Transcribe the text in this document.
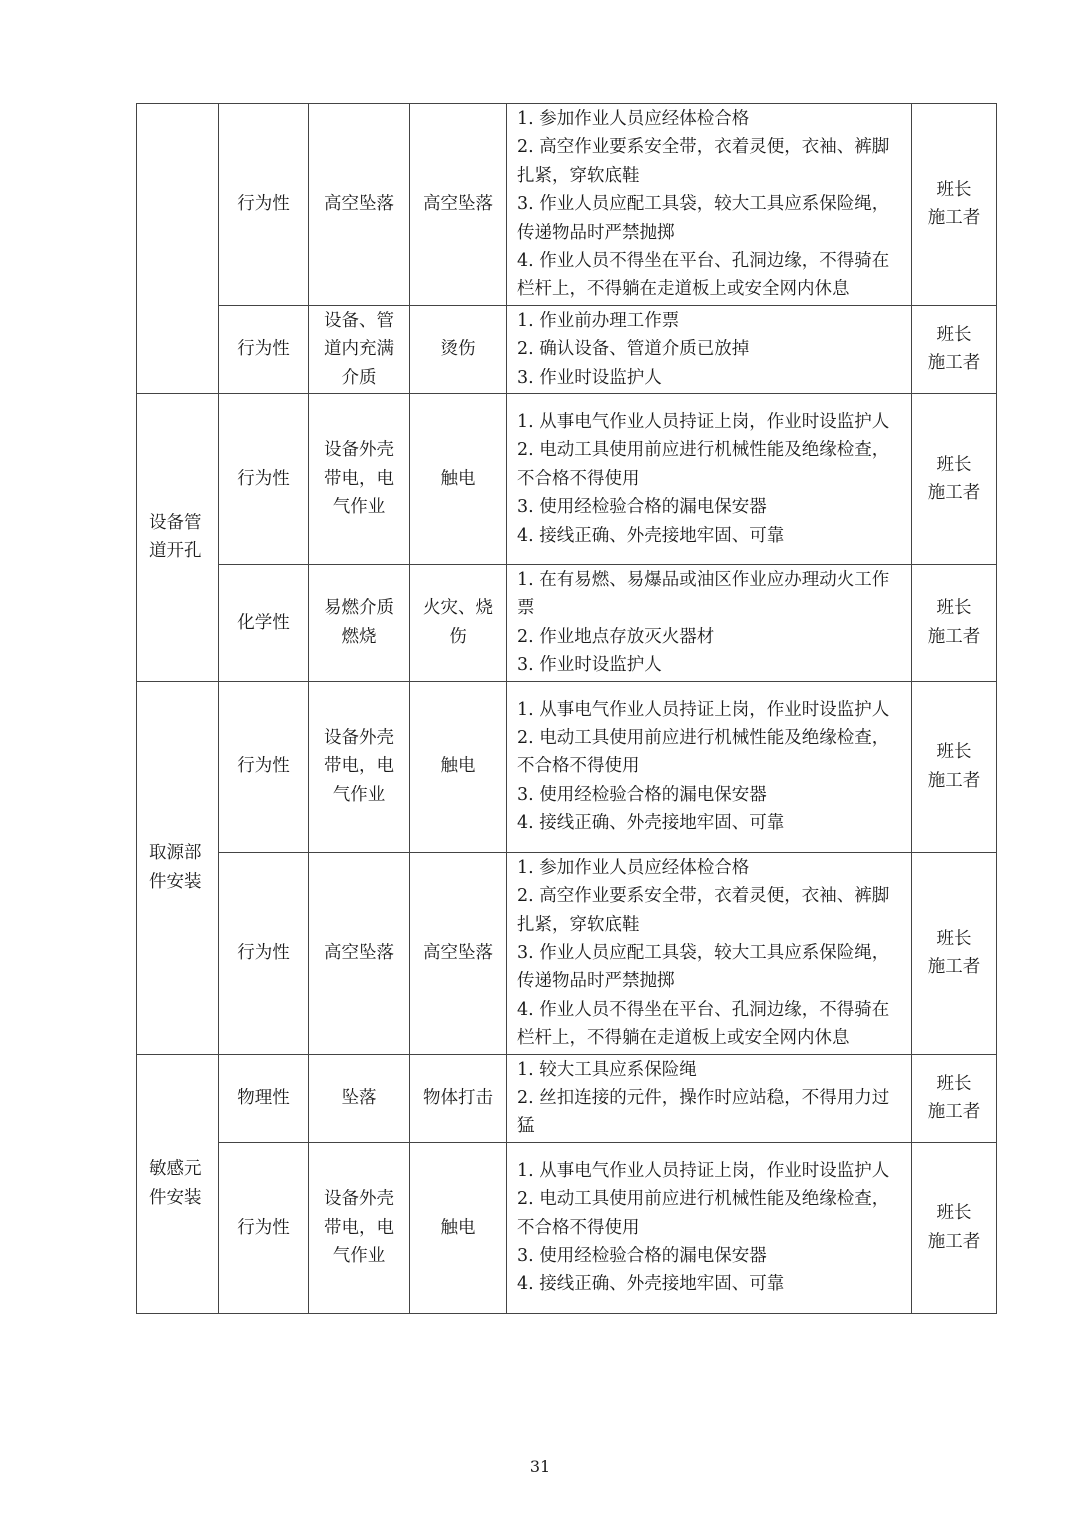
	行为性	高空坠落	高空坠落	1. 参加作业人员应经体检合格
2. 高空作业要系安全带，衣着灵便，衣袖、裤脚扎紧，穿软底鞋
3. 作业人员应配工具袋，较大工具应系保险绳，传递物品时严禁抛掷
4. 作业人员不得坐在平台、孔洞边缘，不得骑在栏杆上，不得躺在走道板上或安全网内休息	班长
施工者

	行为性	设备、管
道内充满
介质	烫伤	1. 作业前办理工作票
2. 确认设备、管道介质已放掉
3. 作业时设监护人	班长
施工者

设备管
道开孔	行为性	设备外壳
带电，电
气作业	触电	1. 从事电气作业人员持证上岗，作业时设监护人
2. 电动工具使用前应进行机械性能及绝缘检查，不合格不得使用
3. 使用经检验合格的漏电保安器
4. 接线正确、外壳接地牢固、可靠	班长
施工者

	化学性	易燃介质
燃烧	火灾、烧
伤	1. 在有易燃、易爆品或油区作业应办理动火工作票
2. 作业地点存放灭火器材
3. 作业时设监护人	班长
施工者

取源部
件安装	行为性	设备外壳
带电，电
气作业	触电	1. 从事电气作业人员持证上岗，作业时设监护人
2. 电动工具使用前应进行机械性能及绝缘检查，不合格不得使用
3. 使用经检验合格的漏电保安器
4. 接线正确、外壳接地牢固、可靠	班长
施工者

	行为性	高空坠落	高空坠落	1. 参加作业人员应经体检合格
2. 高空作业要系安全带，衣着灵便，衣袖、裤脚扎紧，穿软底鞋
3. 作业人员应配工具袋，较大工具应系保险绳，传递物品时严禁抛掷
4. 作业人员不得坐在平台、孔洞边缘，不得骑在栏杆上，不得躺在走道板上或安全网内休息	班长
施工者

敏感元
件安装	物理性	坠落	物体打击	1. 较大工具应系保险绳
2. 丝扣连接的元件，操作时应站稳，不得用力过猛	班长
施工者

	行为性	设备外壳
带电，电
气作业	触电	1. 从事电气作业人员持证上岗，作业时设监护人
2. 电动工具使用前应进行机械性能及绝缘检查，不合格不得使用
3. 使用经检验合格的漏电保安器
4. 接线正确、外壳接地牢固、可靠	班长
施工者
31
